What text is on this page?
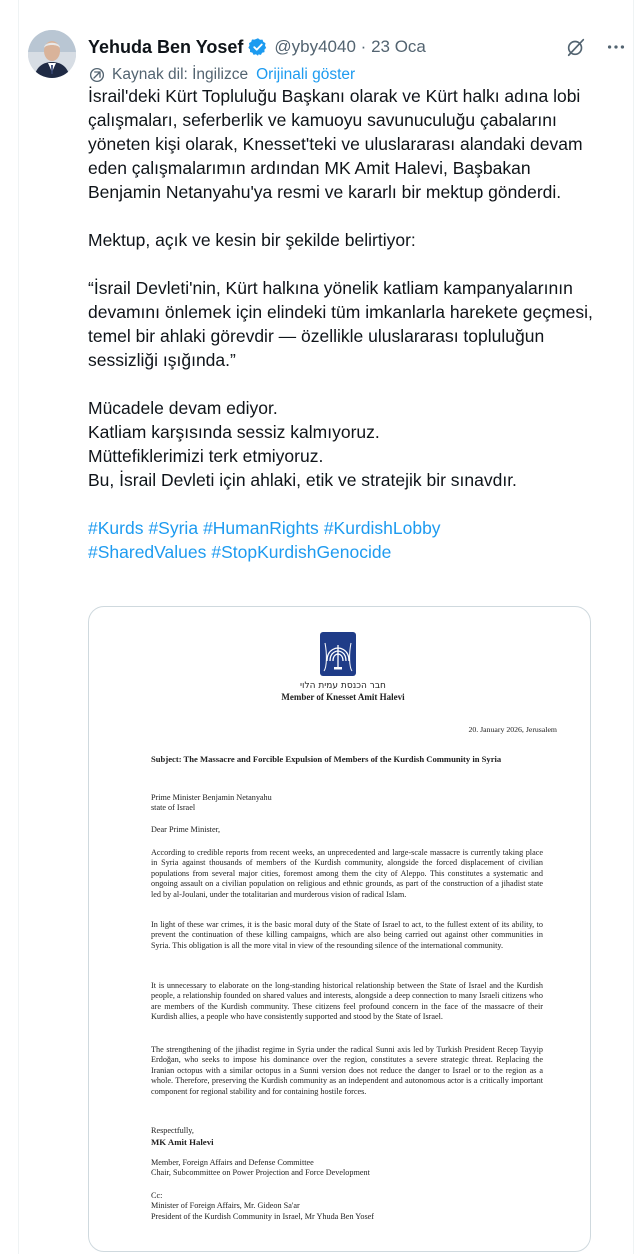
Yehuda Ben Yosef @yby4040 · 23 Oca
Kaynak dil: İngilizce Orijinali göster

İsrail'deki Kürt Topluluğu Başkanı olarak ve Kürt halkı adına lobi çalışmaları, seferberlik ve kamuoyu savunuculuğu çabalarını yöneten kişi olarak, Knesset'teki ve uluslararası alandaki devam eden çalışmalarımın ardından MK Amit Halevi, Başbakan Benjamin Netanyahu'ya resmi ve kararlı bir mektup gönderdi.

Mektup, açık ve kesin bir şekilde belirtiyor:

“İsrail Devleti'nin, Kürt halkına yönelik katliam kampanyalarının devamını önlemek için elindeki tüm imkanlarla harekete geçmesi, temel bir ahlaki görevdir — özellikle uluslararası topluluğun sessizliği ışığında.”

Mücadele devam ediyor.
Katliam karşısında sessiz kalmıyoruz.
Müttefiklerimizi terk etmiyoruz.
Bu, İsrail Devleti için ahlaki, etik ve stratejik bir sınavdır.
#Kurds #Syria #HumanRights #KurdishLobby
#SharedValues #StopKurdishGenocide
חבר הכנסת עמית הלוי
Member of Knesset Amit Halevi
20. January 2026, Jerusalem
Subject: The Massacre and Forcible Expulsion of Members of the Kurdish Community in Syria
Prime Minister Benjamin Netanyahu
state of Israel
Dear Prime Minister,
According to credible reports from recent weeks, an unprecedented and large-scale massacre is currently taking place in Syria against thousands of members of the Kurdish community, alongside the forced displacement of civilian populations from several major cities, foremost among them the city of Aleppo. This constitutes a systematic and ongoing assault on a civilian population on religious and ethnic grounds, as part of the construction of a jihadist state led by al-Joulani, under the totalitarian and murderous vision of radical Islam.
In light of these war crimes, it is the basic moral duty of the State of Israel to act, to the fullest extent of its ability, to prevent the continuation of these killing campaigns, which are also being carried out against other communities in Syria. This obligation is all the more vital in view of the resounding silence of the international community.
It is unnecessary to elaborate on the long-standing historical relationship between the State of Israel and the Kurdish people, a relationship founded on shared values and interests, alongside a deep connection to many Israeli citizens who are members of the Kurdish community. These citizens feel profound concern in the face of the massacre of their Kurdish allies, a people who have consistently supported and stood by the State of Israel.
The strengthening of the jihadist regime in Syria under the radical Sunni axis led by Turkish President Recep Tayyip Erdoğan, who seeks to impose his dominance over the region, constitutes a severe strategic threat. Replacing the Iranian octopus with a similar octopus in a Sunni version does not reduce the danger to Israel or to the region as a whole. Therefore, preserving the Kurdish community as an independent and autonomous actor is a critically important component for regional stability and for containing hostile forces.
Respectfully,
MK Amit Halevi
Member, Foreign Affairs and Defense Committee
Chair, Subcommittee on Power Projection and Force Development
Cc:
Minister of Foreign Affairs, Mr. Gideon Sa'ar
President of the Kurdish Community in Israel, Mr Yhuda Ben Yosef
